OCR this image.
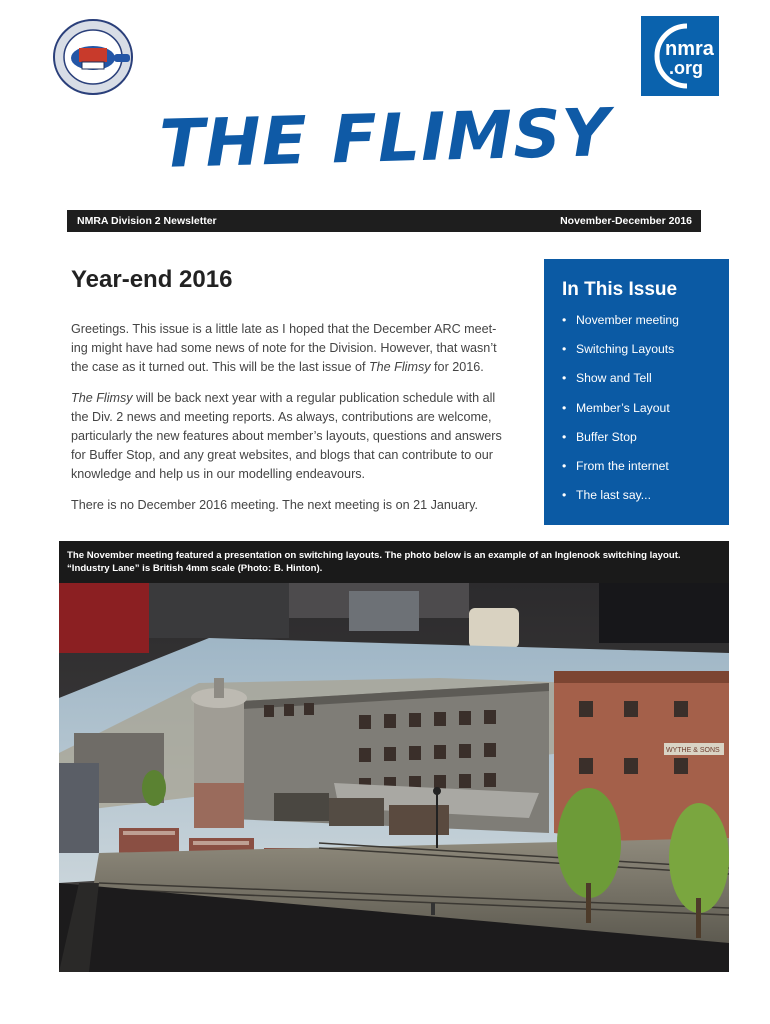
nmra
.org
THE FLIMSY
NMRA Division 2 Newsletter	November-December 2016
Year-end 2016

Greetings. This issue is a little late as I hoped that the December ARC meet-ing might have had some news of note for the Division. However, that wasn’t the case as it turned out. This will be the last issue of The Flimsy for 2016.

The Flimsy will be back next year with a regular publication schedule with all the Div. 2 news and meeting reports. As always, contributions are welcome, particularly the new features about member’s layouts, questions and answers for Buffer Stop, and any great websites, and blogs that can contribute to our knowledge and help us in our modelling endeavours.

There is no December 2016 meeting. The next meeting is on 21 January.

In This Issue
• November meeting
• Switching Layouts
• Show and Tell
• Member’s Layout
• Buffer Stop
• From the internet
• The last say...
The November meeting featured a presentation on switching layouts. The photo below is an example of an Inglenook switching layout.
“Industry Lane” is British 4mm scale (Photo: B. Hinton).
WYTHE & SONS
